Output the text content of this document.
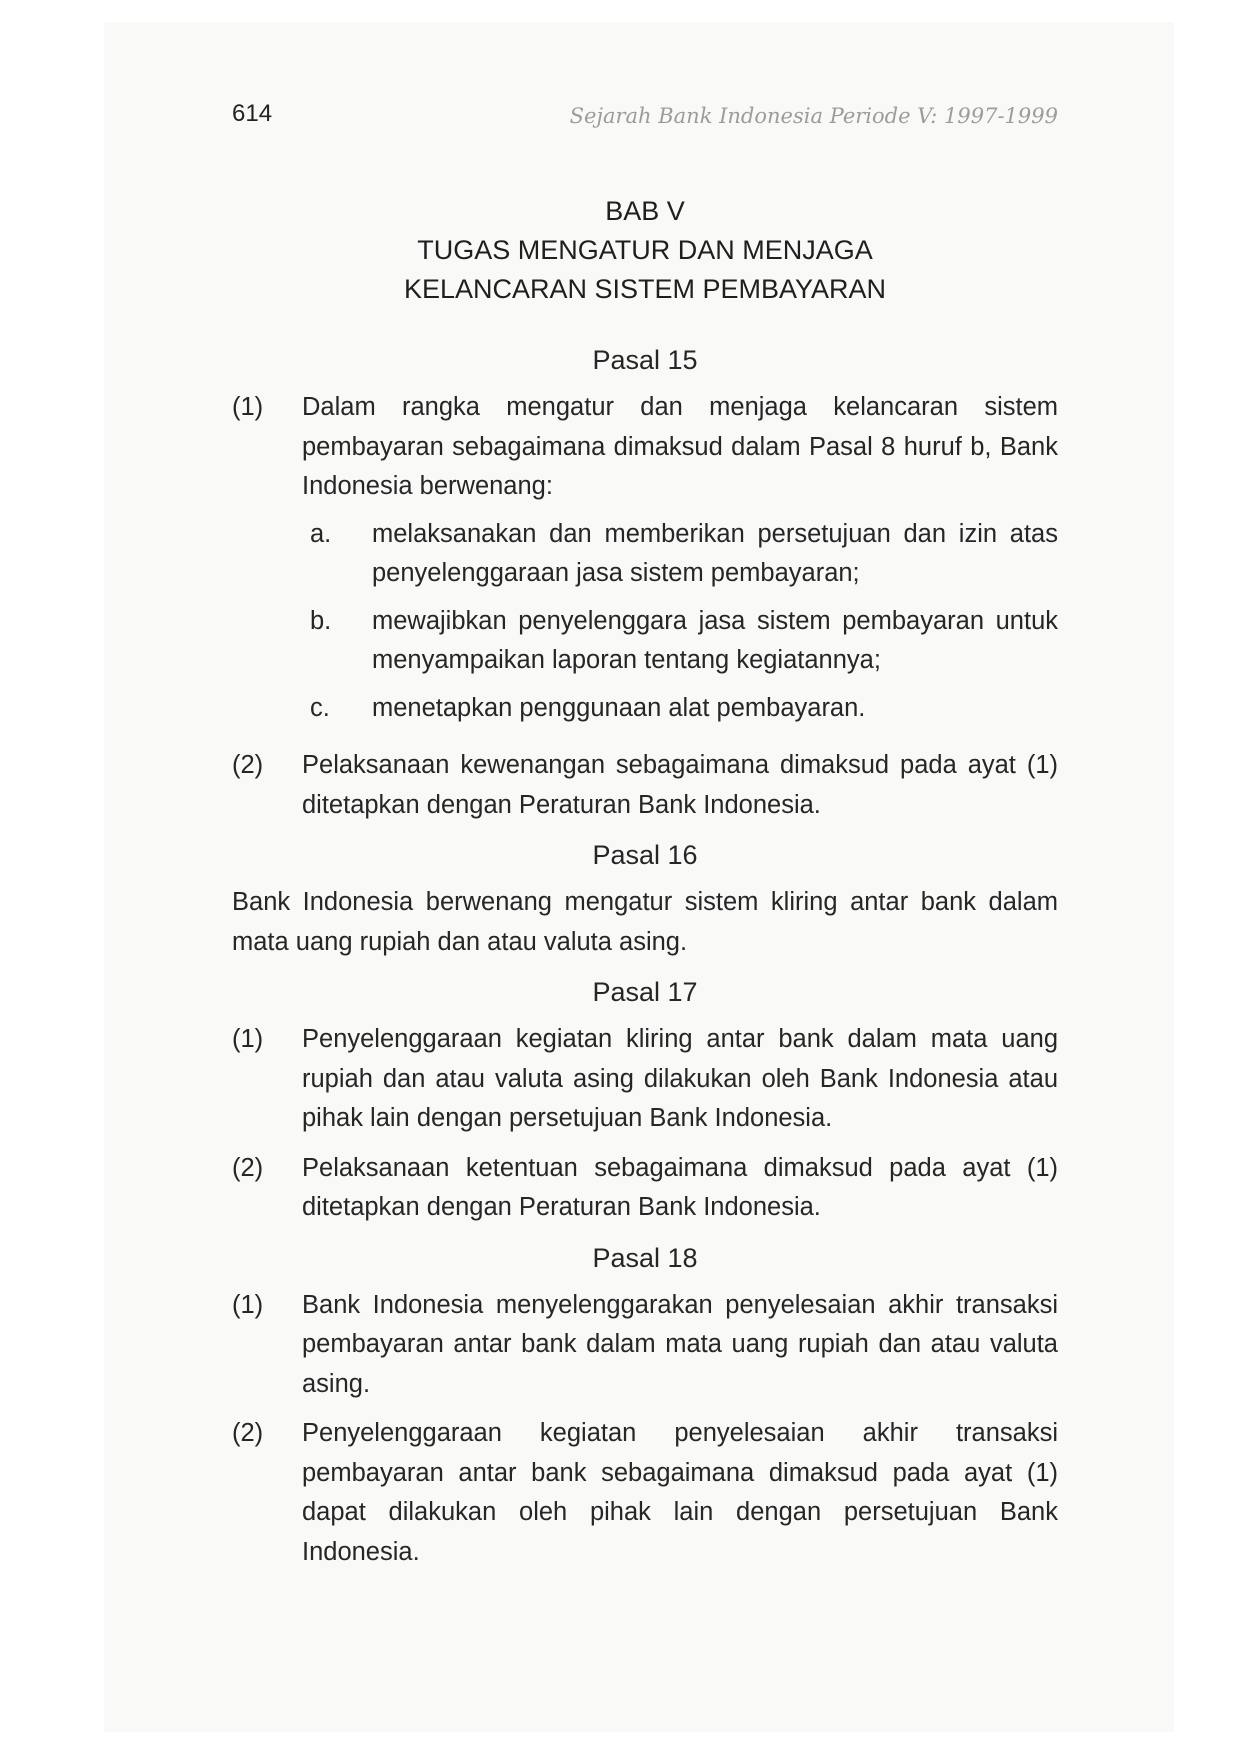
614	Sejarah Bank Indonesia Periode V: 1997-1999
BAB V
TUGAS MENGATUR DAN MENJAGA
KELANCARAN SISTEM PEMBAYARAN
Pasal 15
(1)	Dalam rangka mengatur dan menjaga kelancaran sistem pembayaran sebagaimana dimaksud dalam Pasal 8 huruf b, Bank Indonesia berwenang:
a.	melaksanakan dan memberikan persetujuan dan izin atas penyelenggaraan jasa sistem pembayaran;
b.	mewajibkan penyelenggara jasa sistem pembayaran untuk menyampaikan laporan tentang kegiatannya;
c.	menetapkan penggunaan alat pembayaran.
(2)	Pelaksanaan kewenangan sebagaimana dimaksud pada ayat (1) ditetapkan dengan Peraturan Bank Indonesia.
Pasal 16
Bank Indonesia berwenang mengatur sistem kliring antar bank dalam mata uang rupiah dan atau valuta asing.
Pasal 17
(1)	Penyelenggaraan kegiatan kliring antar bank dalam mata uang rupiah dan atau valuta asing dilakukan oleh Bank Indonesia atau pihak lain dengan persetujuan Bank Indonesia.
(2)	Pelaksanaan ketentuan sebagaimana dimaksud pada ayat (1) ditetapkan dengan Peraturan Bank Indonesia.
Pasal 18
(1)	Bank Indonesia menyelenggarakan penyelesaian akhir transaksi pembayaran antar bank dalam mata uang rupiah dan atau valuta asing.
(2)	Penyelenggaraan kegiatan penyelesaian akhir transaksi pembayaran antar bank sebagaimana dimaksud pada ayat (1) dapat dilakukan oleh pihak lain dengan persetujuan Bank Indonesia.
